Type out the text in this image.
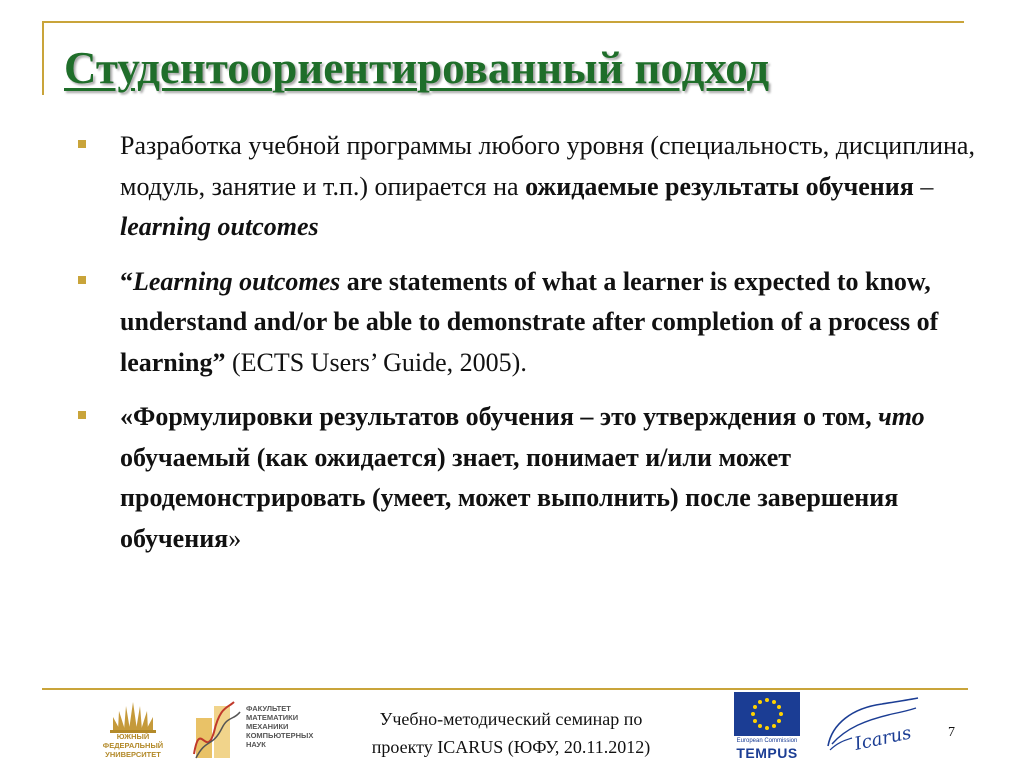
Студентоориентированный подход
Разработка учебной программы любого уровня (специальность, дисциплина, модуль, занятие и т.п.) опирается на ожидаемые результаты обучения – learning outcomes
“Learning outcomes are statements of what a learner is expected to know, understand and/or be able to demonstrate after completion of a process of learning” (ECTS Users’ Guide, 2005).
«Формулировки результатов обучения – это утверждения о том, что обучаемый (как ожидается) знает, понимает и/или может продемонстрировать (умеет, может выполнить) после завершения обучения»
ЮЖНЫЙ
ФЕДЕРАЛЬНЫЙ
УНИВЕРСИТЕТ
ФАКУЛЬТЕТ
МАТЕМАТИКИ
МЕХАНИКИ
КОМПЬЮТЕРНЫХ
НАУК
Учебно-методический семинар по
проекту ICARUS (ЮФУ, 20.11.2012)	European Commission
TEMPUS	Icarus 7
